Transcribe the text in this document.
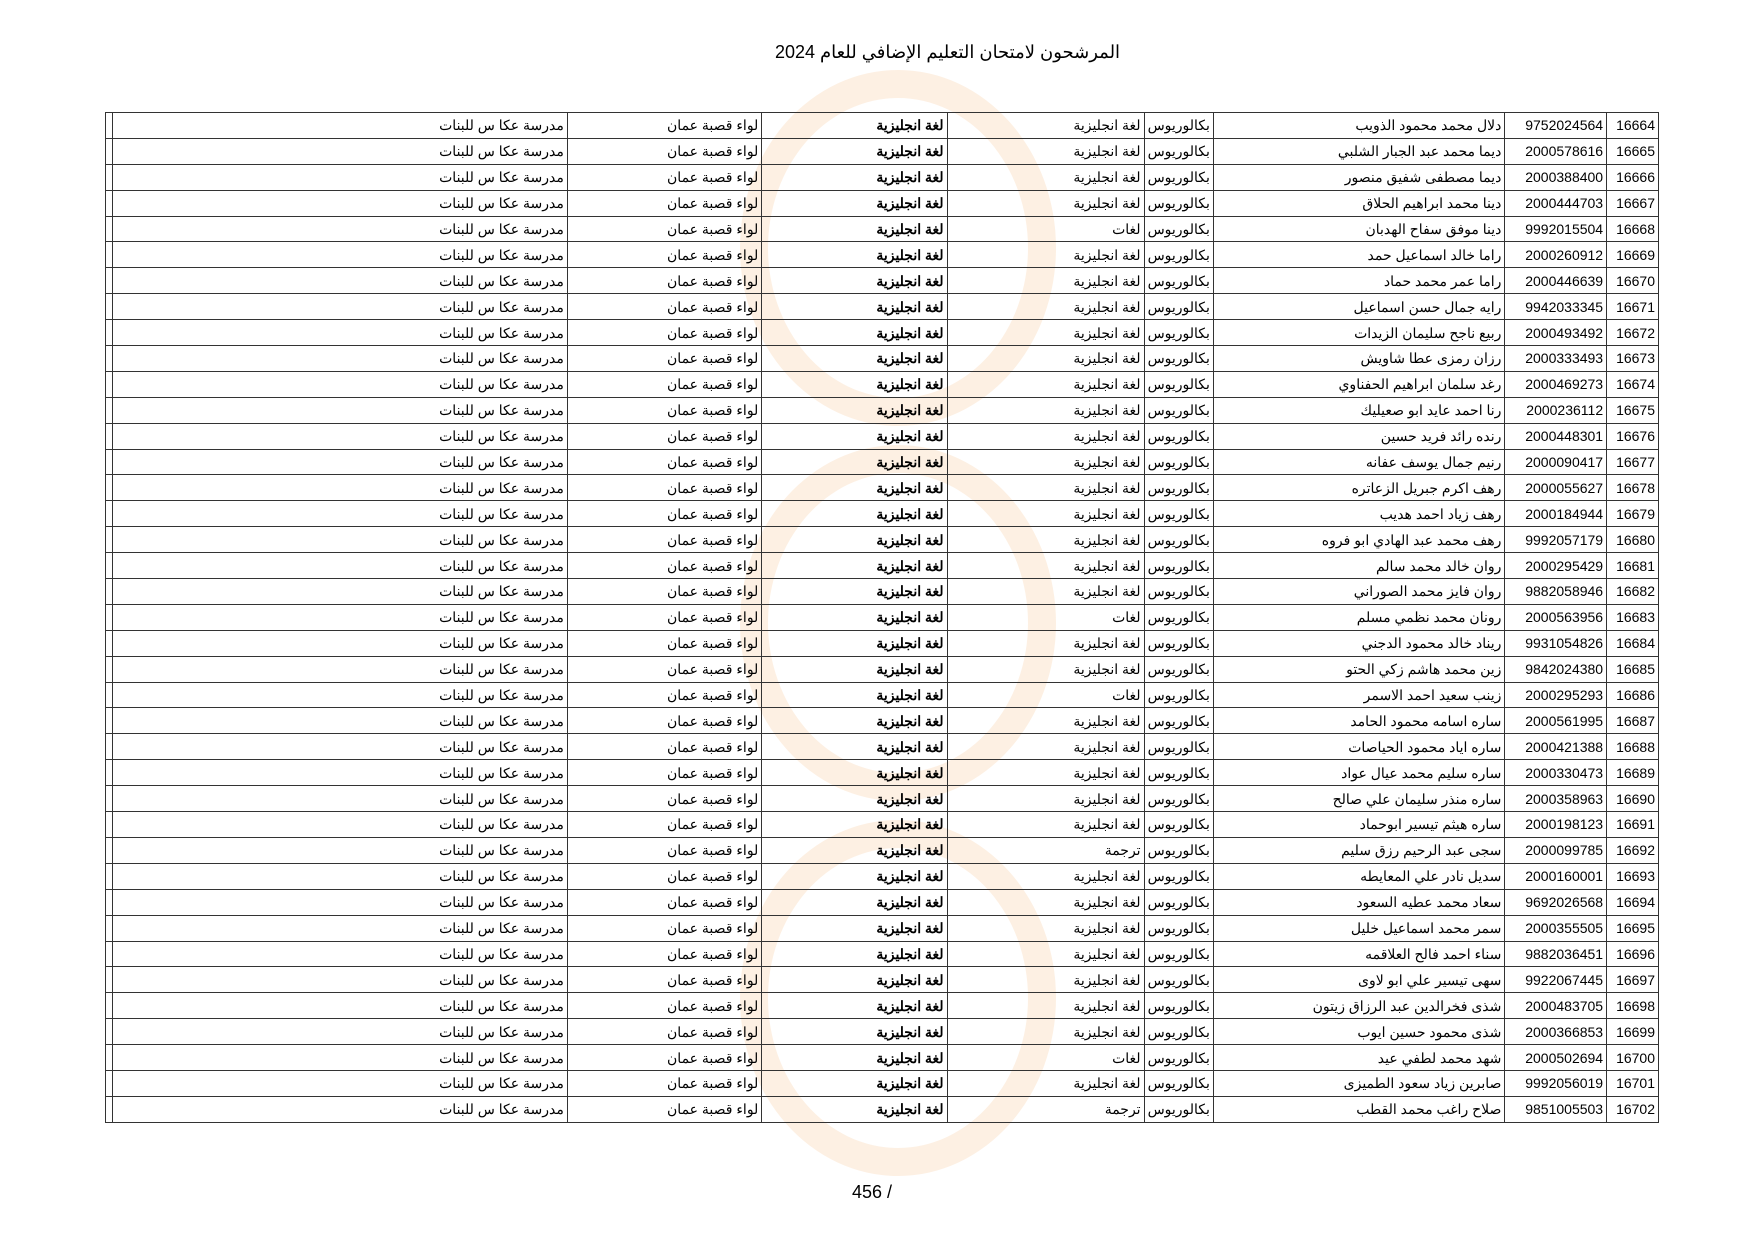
المرشحون لامتحان التعليم الإضافي للعام 2024
16664	9752024564	دلال محمد محمود الذويب	بكالوريوس	لغة انجليزية	لغة انجليزية	لواء قصبة عمان	مدرسة عكا س للبنات	
16665	2000578616	ديما محمد عبد الجبار الشلبي	بكالوريوس	لغة انجليزية	لغة انجليزية	لواء قصبة عمان	مدرسة عكا س للبنات	
16666	2000388400	ديما مصطفى شفيق منصور	بكالوريوس	لغة انجليزية	لغة انجليزية	لواء قصبة عمان	مدرسة عكا س للبنات	
16667	2000444703	دينا محمد ابراهيم الحلاق	بكالوريوس	لغة انجليزية	لغة انجليزية	لواء قصبة عمان	مدرسة عكا س للبنات	
16668	9992015504	دينا موفق سفاح الهدبان	بكالوريوس	لغات	لغة انجليزية	لواء قصبة عمان	مدرسة عكا س للبنات	
16669	2000260912	راما خالد اسماعيل حمد	بكالوريوس	لغة انجليزية	لغة انجليزية	لواء قصبة عمان	مدرسة عكا س للبنات	
16670	2000446639	راما عمر محمد حماد	بكالوريوس	لغة انجليزية	لغة انجليزية	لواء قصبة عمان	مدرسة عكا س للبنات	
16671	9942033345	رايه جمال حسن اسماعيل	بكالوريوس	لغة انجليزية	لغة انجليزية	لواء قصبة عمان	مدرسة عكا س للبنات	
16672	2000493492	ربيع ناجح سليمان الزيدات	بكالوريوس	لغة انجليزية	لغة انجليزية	لواء قصبة عمان	مدرسة عكا س للبنات	
16673	2000333493	رزان رمزى عطا شاويش	بكالوريوس	لغة انجليزية	لغة انجليزية	لواء قصبة عمان	مدرسة عكا س للبنات	
16674	2000469273	رغد سلمان ابراهيم الحفناوي	بكالوريوس	لغة انجليزية	لغة انجليزية	لواء قصبة عمان	مدرسة عكا س للبنات	
16675	2000236112	رنا احمد عايد ابو صعيليك	بكالوريوس	لغة انجليزية	لغة انجليزية	لواء قصبة عمان	مدرسة عكا س للبنات	
16676	2000448301	رنده رائد فريد حسين	بكالوريوس	لغة انجليزية	لغة انجليزية	لواء قصبة عمان	مدرسة عكا س للبنات	
16677	2000090417	رنيم جمال يوسف عفانه	بكالوريوس	لغة انجليزية	لغة انجليزية	لواء قصبة عمان	مدرسة عكا س للبنات	
16678	2000055627	رهف اكرم جبريل الزعاتره	بكالوريوس	لغة انجليزية	لغة انجليزية	لواء قصبة عمان	مدرسة عكا س للبنات	
16679	2000184944	رهف زياد احمد هديب	بكالوريوس	لغة انجليزية	لغة انجليزية	لواء قصبة عمان	مدرسة عكا س للبنات	
16680	9992057179	رهف محمد عبد الهادي ابو فروه	بكالوريوس	لغة انجليزية	لغة انجليزية	لواء قصبة عمان	مدرسة عكا س للبنات	
16681	2000295429	روان خالد محمد سالم	بكالوريوس	لغة انجليزية	لغة انجليزية	لواء قصبة عمان	مدرسة عكا س للبنات	
16682	9882058946	روان فايز محمد الصوراني	بكالوريوس	لغة انجليزية	لغة انجليزية	لواء قصبة عمان	مدرسة عكا س للبنات	
16683	2000563956	رونان محمد نظمي مسلم	بكالوريوس	لغات	لغة انجليزية	لواء قصبة عمان	مدرسة عكا س للبنات	
16684	9931054826	ريناد خالد محمود الدجني	بكالوريوس	لغة انجليزية	لغة انجليزية	لواء قصبة عمان	مدرسة عكا س للبنات	
16685	9842024380	زين محمد هاشم زكي الحتو	بكالوريوس	لغة انجليزية	لغة انجليزية	لواء قصبة عمان	مدرسة عكا س للبنات	
16686	2000295293	زينب سعيد احمد الاسمر	بكالوريوس	لغات	لغة انجليزية	لواء قصبة عمان	مدرسة عكا س للبنات	
16687	2000561995	ساره اسامه محمود الحامد	بكالوريوس	لغة انجليزية	لغة انجليزية	لواء قصبة عمان	مدرسة عكا س للبنات	
16688	2000421388	ساره اياد محمود الحياصات	بكالوريوس	لغة انجليزية	لغة انجليزية	لواء قصبة عمان	مدرسة عكا س للبنات	
16689	2000330473	ساره سليم محمد عيال عواد	بكالوريوس	لغة انجليزية	لغة انجليزية	لواء قصبة عمان	مدرسة عكا س للبنات	
16690	2000358963	ساره منذر سليمان علي صالح	بكالوريوس	لغة انجليزية	لغة انجليزية	لواء قصبة عمان	مدرسة عكا س للبنات	
16691	2000198123	ساره هيثم تيسير ابوحماد	بكالوريوس	لغة انجليزية	لغة انجليزية	لواء قصبة عمان	مدرسة عكا س للبنات	
16692	2000099785	سجى عبد الرحيم رزق سليم	بكالوريوس	ترجمة	لغة انجليزية	لواء قصبة عمان	مدرسة عكا س للبنات	
16693	2000160001	سديل نادر علي المعايطه	بكالوريوس	لغة انجليزية	لغة انجليزية	لواء قصبة عمان	مدرسة عكا س للبنات	
16694	9692026568	سعاد محمد عطيه السعود	بكالوريوس	لغة انجليزية	لغة انجليزية	لواء قصبة عمان	مدرسة عكا س للبنات	
16695	2000355505	سمر محمد اسماعيل خليل	بكالوريوس	لغة انجليزية	لغة انجليزية	لواء قصبة عمان	مدرسة عكا س للبنات	
16696	9882036451	سناء احمد فالح العلاقمه	بكالوريوس	لغة انجليزية	لغة انجليزية	لواء قصبة عمان	مدرسة عكا س للبنات	
16697	9922067445	سهى تيسير علي ابو لاوى	بكالوريوس	لغة انجليزية	لغة انجليزية	لواء قصبة عمان	مدرسة عكا س للبنات	
16698	2000483705	شذى فخرالدين عبد الرزاق زيتون	بكالوريوس	لغة انجليزية	لغة انجليزية	لواء قصبة عمان	مدرسة عكا س للبنات	
16699	2000366853	شذى محمود حسين ايوب	بكالوريوس	لغة انجليزية	لغة انجليزية	لواء قصبة عمان	مدرسة عكا س للبنات	
16700	2000502694	شهد محمد لطفي عيد	بكالوريوس	لغات	لغة انجليزية	لواء قصبة عمان	مدرسة عكا س للبنات	
16701	9992056019	صابرين زياد سعود الطميزى	بكالوريوس	لغة انجليزية	لغة انجليزية	لواء قصبة عمان	مدرسة عكا س للبنات	
16702	9851005503	صلاح راغب محمد القطب	بكالوريوس	ترجمة	لغة انجليزية	لواء قصبة عمان	مدرسة عكا س للبنات	
456 /
